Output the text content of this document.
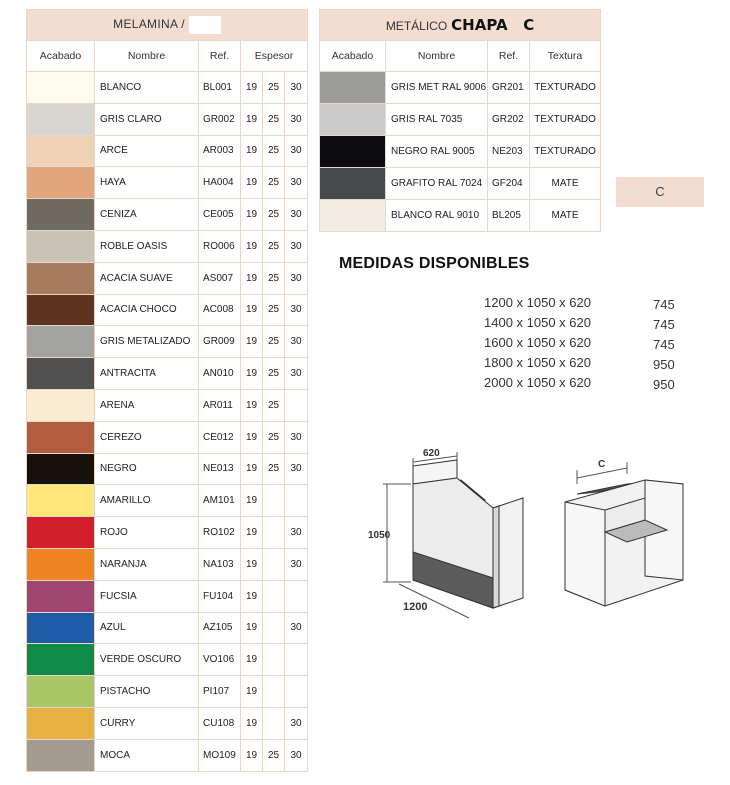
MELAMINA /					
Acabado	Nombre	Ref.	Espesor		
	BLANCO	BL001	19	25	30
	GRIS CLARO	GR002	19	25	30
	ARCE	AR003	19	25	30
	HAYA	HA004	19	25	30
	CENIZA	CE005	19	25	30
	ROBLE OASIS	RO006	19	25	30
	ACACIA SUAVE	AS007	19	25	30
	ACACIA CHOCO	AC008	19	25	30
	GRIS METALIZADO	GR009	19	25	30
	ANTRACITA	AN010	19	25	30
	ARENA	AR011	19	25	
	CEREZO	CE012	19	25	30
	NEGRO	NE013	19	25	30
	AMARILLO	AM101	19		
	ROJO	RO102	19		30
	NARANJA	NA103	19		30
	FUCSIA	FU104	19		
	AZUL	AZ105	19		30
	VERDE OSCURO	VO106	19		
	PISTACHO	PI107	19		
	CURRY	CU108	19		30
	MOCA	MO109	19	25	30
METÁLICO CHAPA   C			
Acabado	Nombre	Ref.	Textura
	GRIS MET RAL 9006	GR201	TEXTURADO
	GRIS RAL 7035	GR202	TEXTURADO
	NEGRO RAL 9005	NE203	TEXTURADO
	GRAFITO RAL 7024	GF204	MATE
	BLANCO RAL 9010	BL205	MATE
C
MEDIDAS DISPONIBLES
1200 x 1050 x 620	745
1400 x 1050 x 620	745
1600 x 1050 x 620	745
1800 x 1050 x 620	950
2000 x 1050 x 620	950
620
1050
1200
C
